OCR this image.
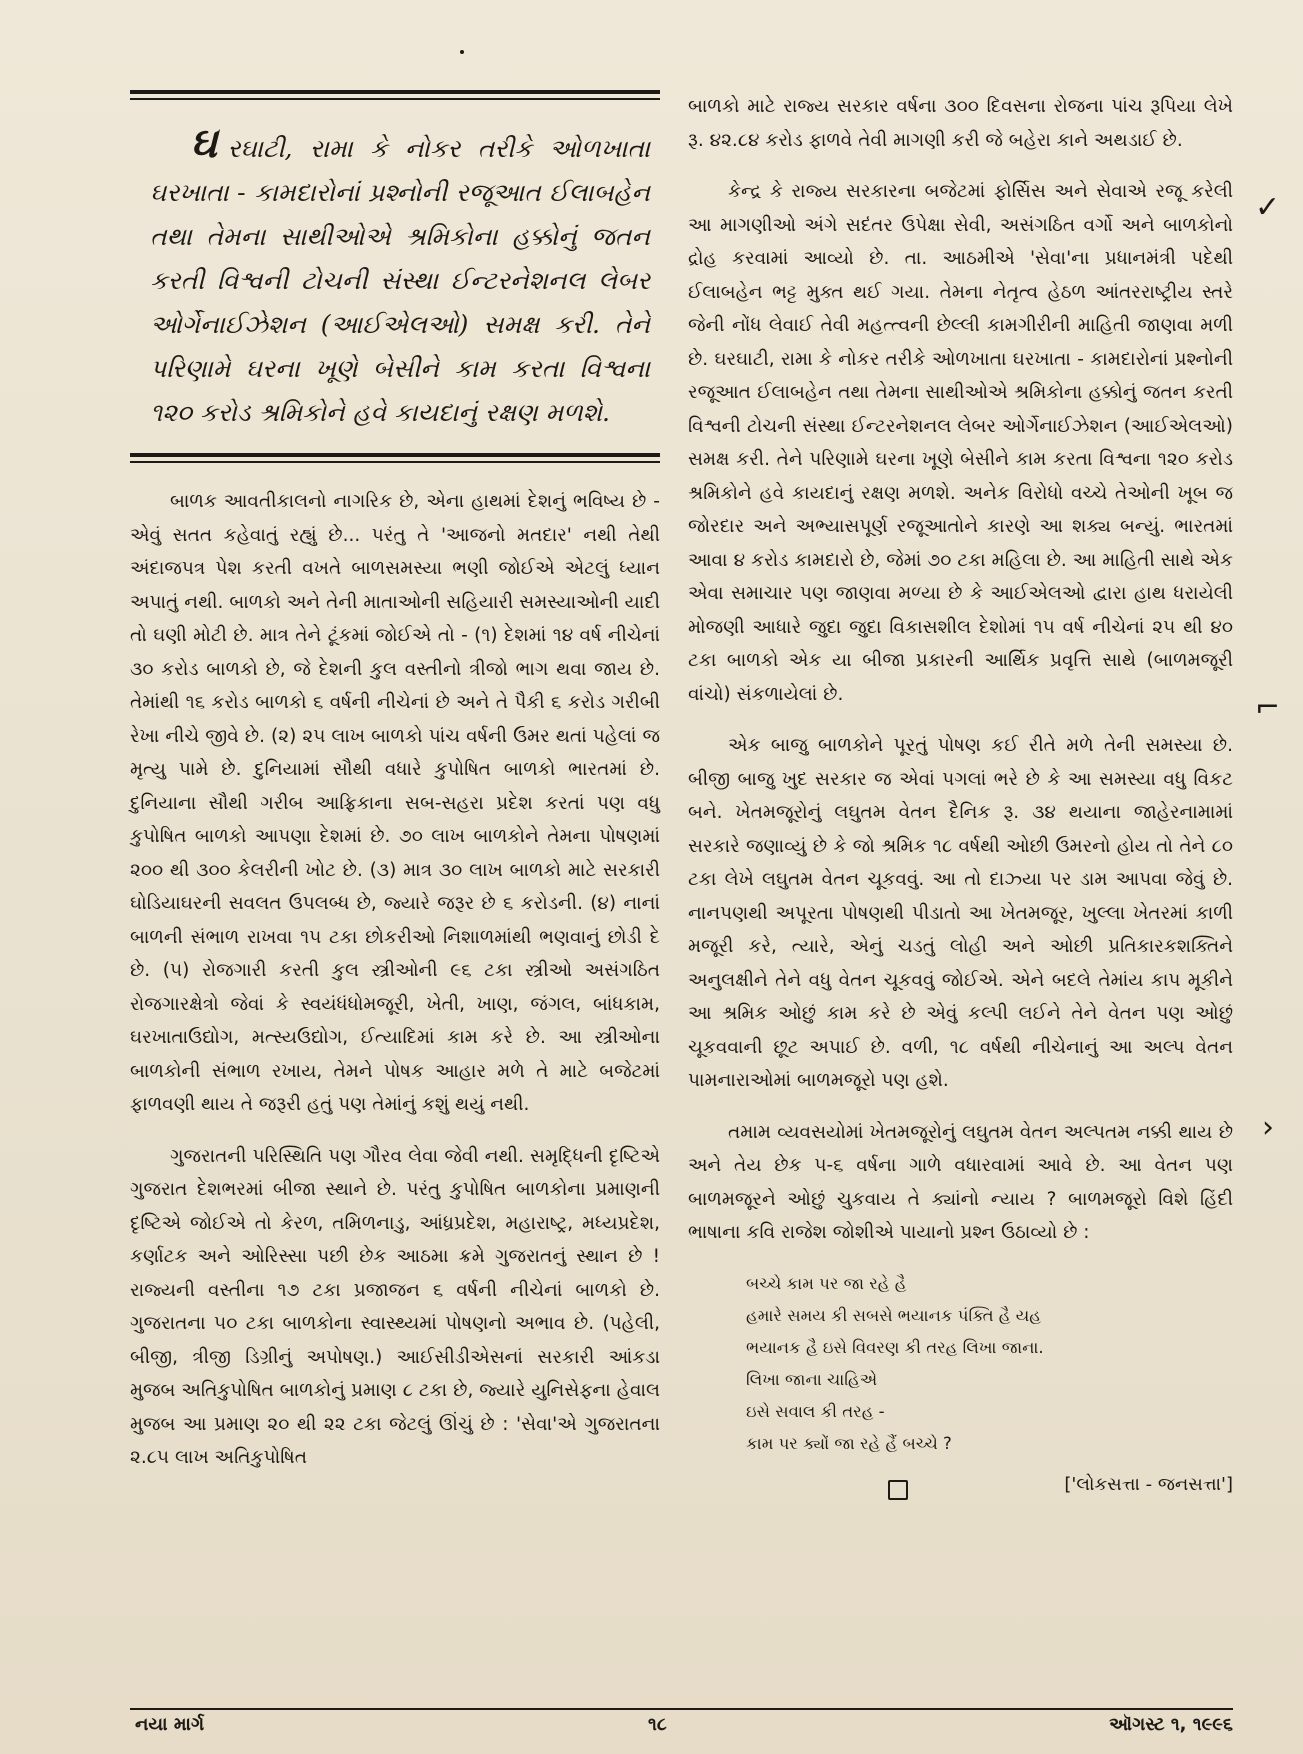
ઘરઘાટી, રામા કે નોકર તરીકે ઓળખાતા ઘરખાતા - કામદારોનાં પ્રશ્નોની રજૂઆત ઈલાબહેન તથા તેમના સાથીઓએ શ્રમિકોના હક્કોનું જતન કરતી વિશ્વની ટોચની સંસ્થા ઈન્ટરનેશનલ લેબર ઓર્ગેનાઈઝેશન (આઈએલઓ) સમક્ષ કરી. તેને પરિણામે ઘરના ખૂણે બેસીને કામ કરતા વિશ્વના ૧૨૦ કરોડ શ્રમિકોને હવે કાયદાનું રક્ષણ મળશે.

બાળક આવતીકાલનો નાગરિક છે, એના હાથમાં દેશનું ભવિષ્ય છે - એવું સતત કહેવાતું રહ્યું છે... પરંતુ તે 'આજનો મતદાર' નથી તેથી અંદાજપત્ર પેશ કરતી વખતે બાળસમસ્યા ભણી જોઈએ એટલું ધ્યાન અપાતું નથી. બાળકો અને તેની માતાઓની સહિયારી સમસ્યાઓની યાદી તો ઘણી મોટી છે. માત્ર તેને ટૂંકમાં જોઈએ તો - (૧) દેશમાં ૧૪ વર્ષ નીચેનાં ૩૦ કરોડ બાળકો છે, જે દેશની કુલ વસ્તીનો ત્રીજો ભાગ થવા જાય છે. તેમાંથી ૧૬ કરોડ બાળકો ૬ વર્ષની નીચેનાં છે અને તે પૈકી ૬ કરોડ ગરીબી રેખા નીચે જીવે છે. (૨) ૨૫ લાખ બાળકો પાંચ વર્ષની ઉમર થતાં પહેલાં જ મૃત્યુ પામે છે. દુનિયામાં સૌથી વધારે કુપોષિત બાળકો ભારતમાં છે. દુનિયાના સૌથી ગરીબ આફ્રિકાના સબ-સહરા પ્રદેશ કરતાં પણ વધુ કુપોષિત બાળકો આપણા દેશમાં છે. ૭૦ લાખ બાળકોને તેમના પોષણમાં ૨૦૦ થી ૩૦૦ કેલરીની ખોટ છે. (૩) માત્ર ૩૦ લાખ બાળકો માટે સરકારી ઘોડિયાઘરની સવલત ઉપલબ્ધ છે, જ્યારે જરૂર છે ૬ કરોડની. (૪) નાનાં બાળની સંભાળ રાખવા ૧૫ ટકા છોકરીઓ નિશાળમાંથી ભણવાનું છોડી દે છે. (૫) રોજગારી કરતી કુલ સ્ત્રીઓની ૯૬ ટકા સ્ત્રીઓ અસંગઠિત રોજગારક્ષેત્રો જેવાં કે સ્વયંધંધોમજૂરી, ખેતી, ખાણ, જંગલ, બાંધકામ, ઘરખાતાઉદ્યોગ, મત્સ્યઉદ્યોગ, ઈત્યાદિમાં કામ કરે છે. આ સ્ત્રીઓના બાળકોની સંભાળ રખાય, તેમને પોષક આહાર મળે તે માટે બજેટમાં ફાળવણી થાય તે જરૂરી હતું પણ તેમાંનું કશું થયું નથી.

ગુજરાતની પરિસ્થિતિ પણ ગૌરવ લેવા જેવી નથી. સમૃદ્ધિની દૃષ્ટિએ ગુજરાત દેશભરમાં બીજા સ્થાને છે. પરંતુ કુપોષિત બાળકોના પ્રમાણની દૃષ્ટિએ જોઈએ તો કેરળ, તમિળનાડુ, આંધ્રપ્રદેશ, મહારાષ્ટ્ર, મધ્યપ્રદેશ, કર્ણાટક અને ઓરિસ્સા પછી છેક આઠમા ક્રમે ગુજરાતનું સ્થાન છે ! રાજ્યની વસ્તીના ૧૭ ટકા પ્રજાજન ૬ વર્ષની નીચેનાં બાળકો છે. ગુજરાતના ૫૦ ટકા બાળકોના સ્વાસ્થ્યમાં પોષણનો અભાવ છે. (પહેલી, બીજી, ત્રીજી ડિગ્રીનું અપોષણ.) આઈસીડીએસનાં સરકારી આંકડા મુજબ અતિકુપોષિત બાળકોનું પ્રમાણ ૮ ટકા છે, જ્યારે યુનિસેફના હેવાલ મુજબ આ પ્રમાણ ૨૦ થી ૨૨ ટકા જેટલું ઊંચું છે : 'સેવા'એ ગુજરાતના ૨.૮૫ લાખ અતિકુપોષિત

બાળકો માટે રાજ્ય સરકાર વર્ષના ૩૦૦ દિવસના રોજના પાંચ રૂપિયા લેખે રૂ. ૪૨.૮૪ કરોડ ફાળવે તેવી માગણી કરી જે બહેરા કાને અથડાઈ છે.

કેન્દ્ર કે રાજ્ય સરકારના બજેટમાં ફોર્સિસ અને સેવાએ રજૂ કરેલી આ માગણીઓ અંગે સદંતર ઉપેક્ષા સેવી, અસંગઠિત વર્ગો અને બાળકોનો દ્રોહ કરવામાં આવ્યો છે. તા. આઠમીએ 'સેવા'ના પ્રધાનમંત્રી પદેથી ઈલાબહેન ભટ્ટ મુક્ત થઈ ગયા. તેમના નેતૃત્વ હેઠળ આંતરરાષ્ટ્રીય સ્તરે જેની નોંધ લેવાઈ તેવી મહત્ત્વની છેલ્લી કામગીરીની માહિતી જાણવા મળી છે. ઘરઘાટી, રામા કે નોકર તરીકે ઓળખાતા ઘરખાતા - કામદારોનાં પ્રશ્નોની રજૂઆત ઈલાબહેન તથા તેમના સાથીઓએ શ્રમિકોના હક્કોનું જતન કરતી વિશ્વની ટોચની સંસ્થા ઈન્ટરનેશનલ લેબર ઓર્ગેનાઈઝેશન (આઈએલઓ) સમક્ષ કરી. તેને પરિણામે ઘરના ખૂણે બેસીને કામ કરતા વિશ્વના ૧૨૦ કરોડ શ્રમિકોને હવે કાયદાનું રક્ષણ મળશે. અનેક વિરોધો વચ્ચે તેઓની ખૂબ જ જોરદાર અને અભ્યાસપૂર્ણ રજૂઆતોને કારણે આ શક્ય બન્યું. ભારતમાં આવા ૪ કરોડ કામદારો છે, જેમાં ૭૦ ટકા મહિલા છે. આ માહિતી સાથે એક એવા સમાચાર પણ જાણવા મળ્યા છે કે આઈએલઓ દ્વારા હાથ ધરાયેલી મોજણી આધારે જુદા જુદા વિકાસશીલ દેશોમાં ૧૫ વર્ષ નીચેનાં ૨૫ થી ૪૦ ટકા બાળકો એક યા બીજા પ્રકારની આર્થિક પ્રવૃત્તિ સાથે (બાળમજૂરી વાંચો) સંકળાયેલાં છે.

એક બાજુ બાળકોને પૂરતું પોષણ કઈ રીતે મળે તેની સમસ્યા છે. બીજી બાજુ ખુદ સરકાર જ એવાં પગલાં ભરે છે કે આ સમસ્યા વધુ વિકટ બને. ખેતમજૂરોનું લઘુતમ વેતન દૈનિક રૂ. ૩૪ થયાના જાહેરનામામાં સરકારે જણાવ્યું છે કે જો શ્રમિક ૧૮ વર્ષથી ઓછી ઉમરનો હોય તો તેને ૮૦ ટકા લેખે લઘુતમ વેતન ચૂકવવું. આ તો દાઝ્યા પર ડામ આપવા જેવું છે. નાનપણથી અપૂરતા પોષણથી પીડાતો આ ખેતમજૂર, ખુલ્લા ખેતરમાં કાળી મજૂરી કરે, ત્યારે, એનું ચડતું લોહી અને ઓછી પ્રતિકારકશક્તિને અનુલક્ષીને તેને વધુ વેતન ચૂકવવું જોઈએ. એને બદલે તેમાંય કાપ મૂકીને આ શ્રમિક ઓછું કામ કરે છે એવું કલ્પી લઈને તેને વેતન પણ ઓછું ચૂકવવાની છૂટ અપાઈ છે. વળી, ૧૮ વર્ષથી નીચેનાનું આ અલ્પ વેતન પામનારાઓમાં બાળમજૂરો પણ હશે.

તમામ વ્યવસયોમાં ખેતમજૂરોનું લઘુતમ વેતન અલ્પતમ નક્કી થાય છે અને તેય છેક ૫-૬ વર્ષના ગાળે વધારવામાં આવે છે. આ વેતન પણ બાળમજૂરને ઓછું ચુકવાય તે ક્યાંનો ન્યાય ? બાળમજૂરો વિશે હિંદી ભાષાના કવિ રાજેશ જોશીએ પાયાનો પ્રશ્ન ઉઠાવ્યો છે :

બચ્ચે કામ પર જા રહે હૈ
હમારે સમય કી સબસે ભયાનક પંક્તિ હૈ યહ
ભયાનક હૈ ઇસે વિવરણ કી તરહ લિખા જાના.
લિખા જાના ચાહિએ
ઇસે સવાલ કી તરહ -
કામ પર ક્યોં જા રહે હૈં બચ્ચે ?
['લોકસત્તા - જનસત્તા']
✓
⌐
›
નયા માર્ગ	૧૮	ઑગસ્ટ ૧, ૧૯૯૬
